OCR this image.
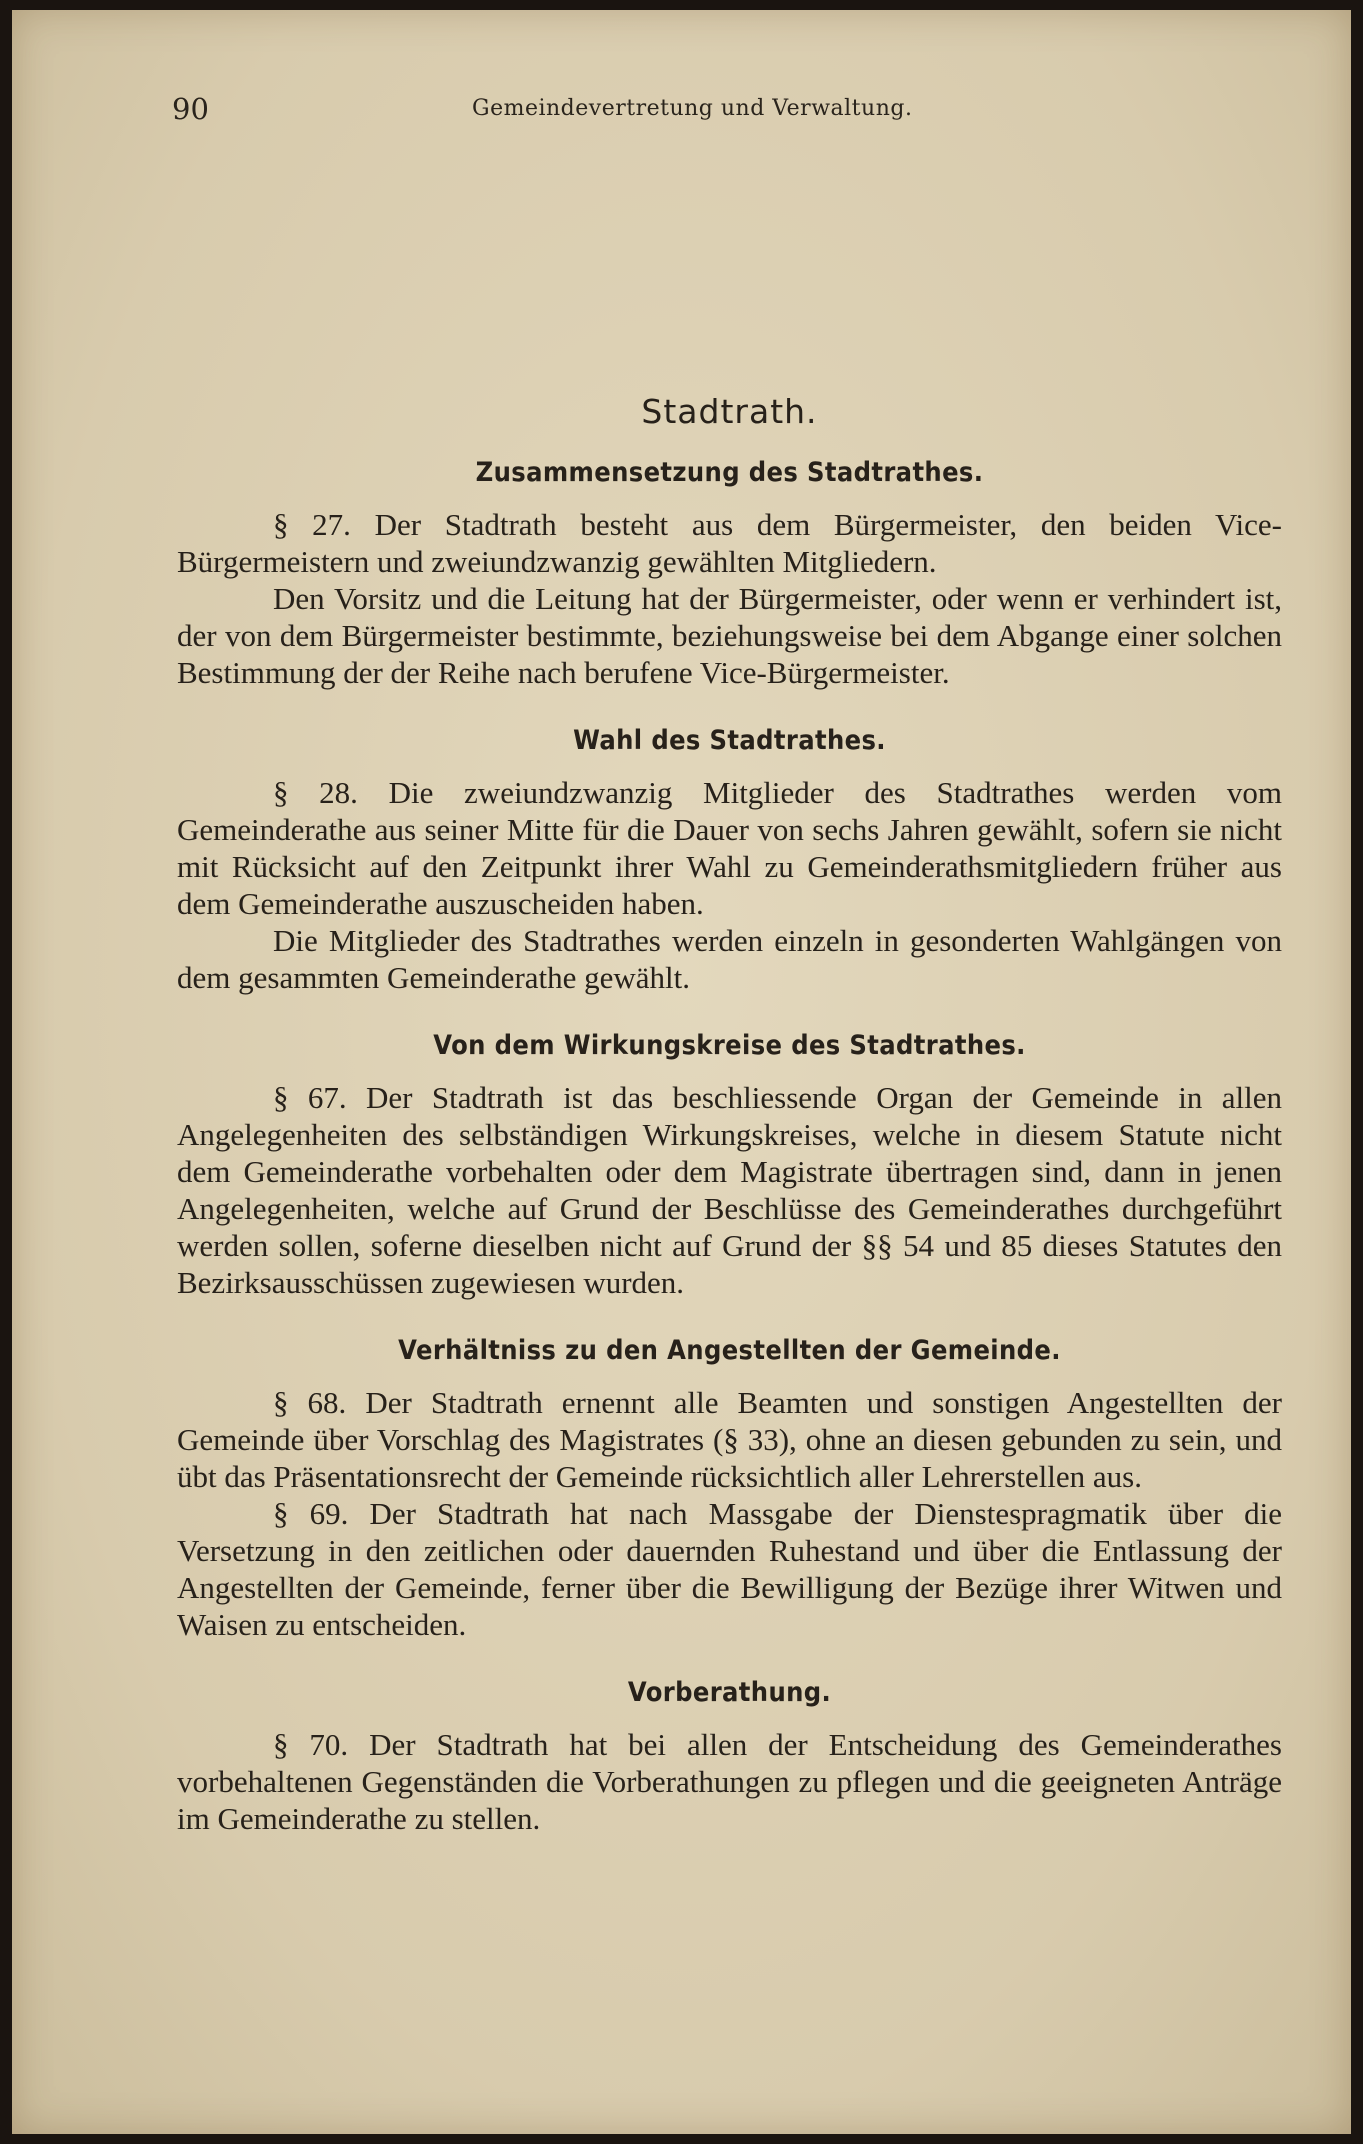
90	Gemeindevertretung und Verwaltung.
Stadtrath.
Zusammensetzung des Stadtrathes.

§ 27. Der Stadtrath besteht aus dem Bürgermeister, den beiden Vice-Bürgermeistern und zweiundzwanzig gewählten Mitgliedern.

Den Vorsitz und die Leitung hat der Bürgermeister, oder wenn er verhindert ist, der von dem Bürgermeister bestimmte, beziehungsweise bei dem Abgange einer solchen Bestimmung der der Reihe nach berufene Vice-Bürgermeister.

Wahl des Stadtrathes.

§ 28. Die zweiundzwanzig Mitglieder des Stadtrathes werden vom Gemeinderathe aus seiner Mitte für die Dauer von sechs Jahren gewählt, sofern sie nicht mit Rücksicht auf den Zeitpunkt ihrer Wahl zu Gemeinderathsmitgliedern früher aus dem Gemeinderathe auszuscheiden haben.

Die Mitglieder des Stadtrathes werden einzeln in gesonderten Wahlgängen von dem gesammten Gemeinderathe gewählt.

Von dem Wirkungskreise des Stadtrathes.

§ 67. Der Stadtrath ist das beschliessende Organ der Gemeinde in allen Angelegenheiten des selbständigen Wirkungskreises, welche in diesem Statute nicht dem Gemeinderathe vorbehalten oder dem Magistrate übertragen sind, dann in jenen Angelegenheiten, welche auf Grund der Beschlüsse des Gemeinderathes durchgeführt werden sollen, soferne dieselben nicht auf Grund der §§ 54 und 85 dieses Statutes den Bezirksausschüssen zugewiesen wurden.

Verhältniss zu den Angestellten der Gemeinde.

§ 68. Der Stadtrath ernennt alle Beamten und sonstigen Angestellten der Gemeinde über Vorschlag des Magistrates (§ 33), ohne an diesen gebunden zu sein, und übt das Präsentationsrecht der Gemeinde rücksichtlich aller Lehrerstellen aus.

§ 69. Der Stadtrath hat nach Massgabe der Dienstespragmatik über die Versetzung in den zeitlichen oder dauernden Ruhestand und über die Entlassung der Angestellten der Gemeinde, ferner über die Bewilligung der Bezüge ihrer Witwen und Waisen zu entscheiden.

Vorberathung.

§ 70. Der Stadtrath hat bei allen der Entscheidung des Gemeinderathes vorbehaltenen Gegenständen die Vorberathungen zu pflegen und die geeigneten Anträge im Gemeinderathe zu stellen.
